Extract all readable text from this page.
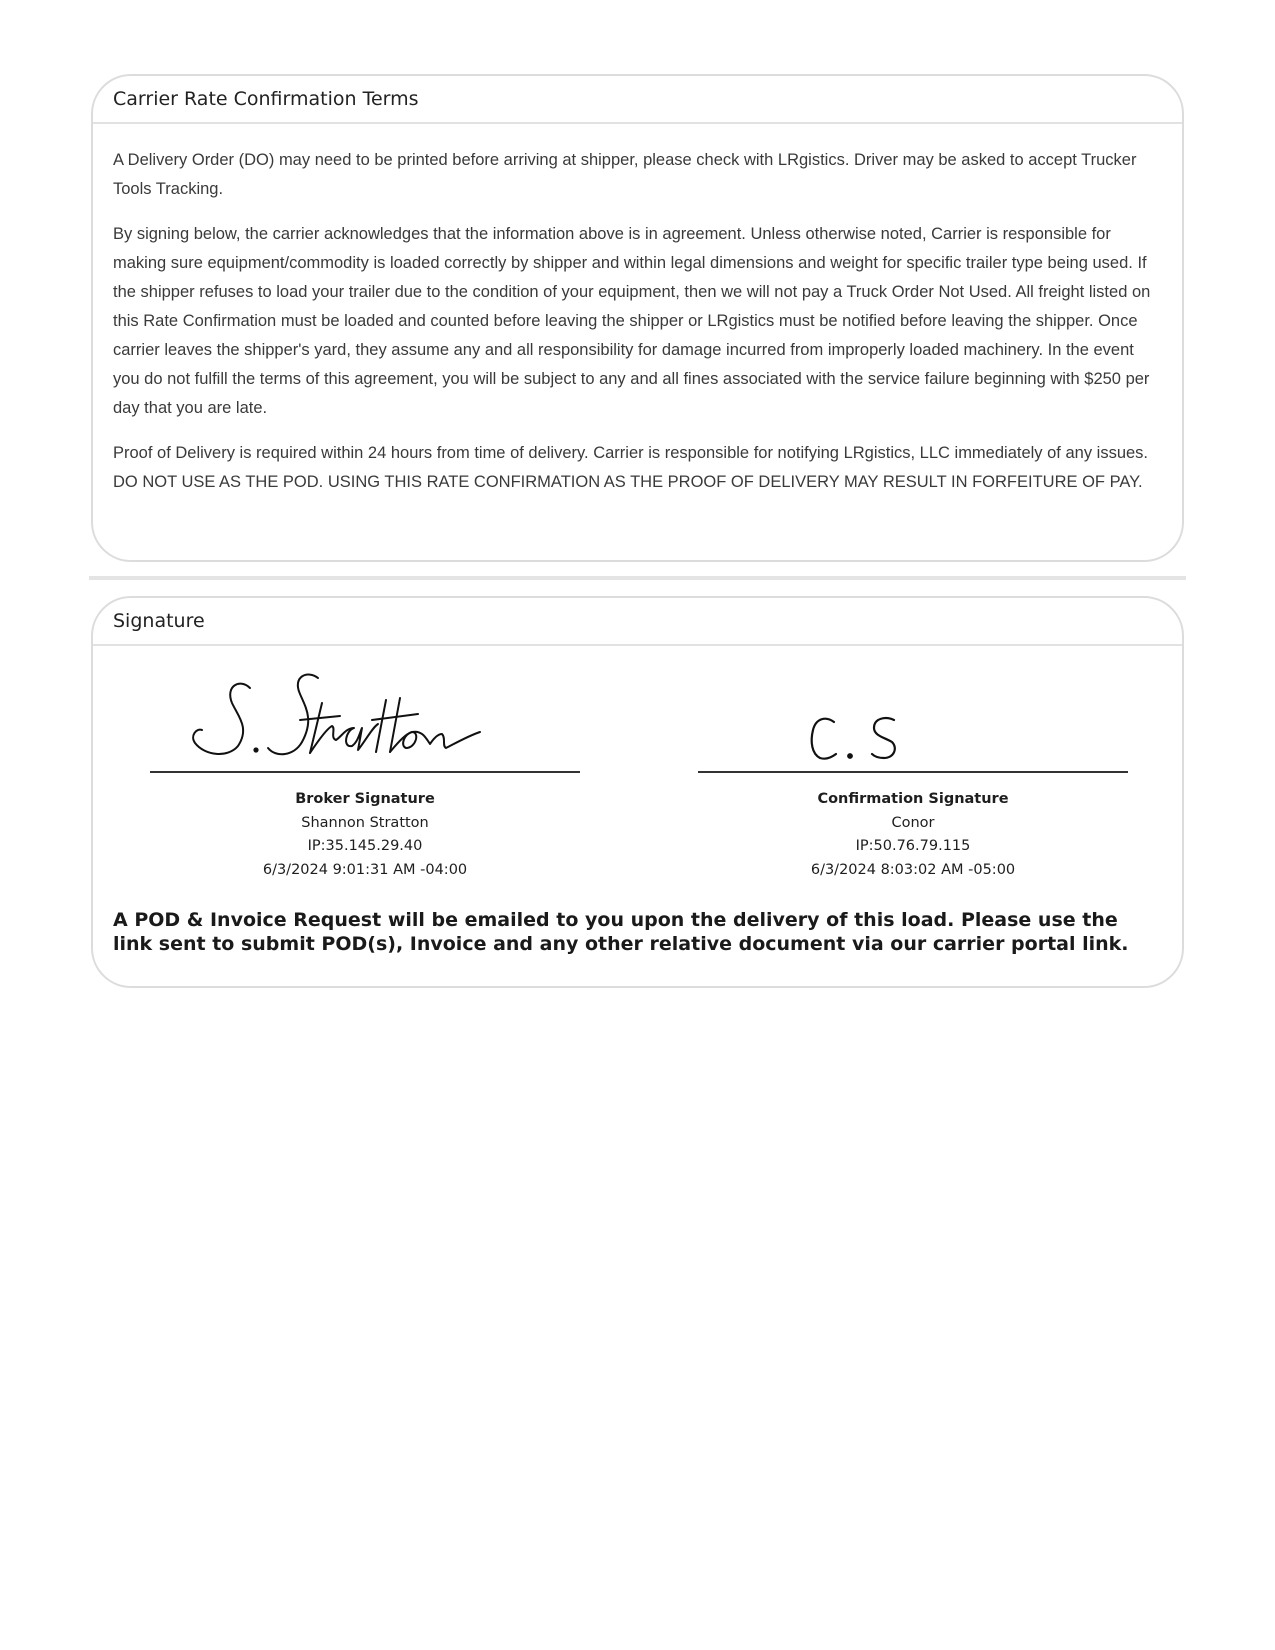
Carrier Rate Confirmation Terms

A Delivery Order (DO) may need to be printed before arriving at shipper, please check with LRgistics. Driver may be asked to accept Trucker Tools Tracking.

By signing below, the carrier acknowledges that the information above is in agreement. Unless otherwise noted, Carrier is responsible for making sure equipment/commodity is loaded correctly by shipper and within legal dimensions and weight for specific trailer type being used. If the shipper refuses to load your trailer due to the condition of your equipment, then we will not pay a Truck Order Not Used. All freight listed on this Rate Confirmation must be loaded and counted before leaving the shipper or LRgistics must be notified before leaving the shipper. Once carrier leaves the shipper's yard, they assume any and all responsibility for damage incurred from improperly loaded machinery. In the event you do not fulfill the terms of this agreement, you will be subject to any and all fines associated with the service failure beginning with $250 per day that you are late.

Proof of Delivery is required within 24 hours from time of delivery. Carrier is responsible for notifying LRgistics, LLC immediately of any issues. DO NOT USE AS THE POD. USING THIS RATE CONFIRMATION AS THE PROOF OF DELIVERY MAY RESULT IN FORFEITURE OF PAY.

Signature
Broker Signature
Shannon Stratton
IP:35.145.29.40
6/3/2024 9:01:31 AM -04:00
Confirmation Signature
Conor
IP:50.76.79.115
6/3/2024 8:03:02 AM -05:00
A POD & Invoice Request will be emailed to you upon the delivery of this load. Please use the link sent to submit POD(s), Invoice and any other relative document via our carrier portal link.
